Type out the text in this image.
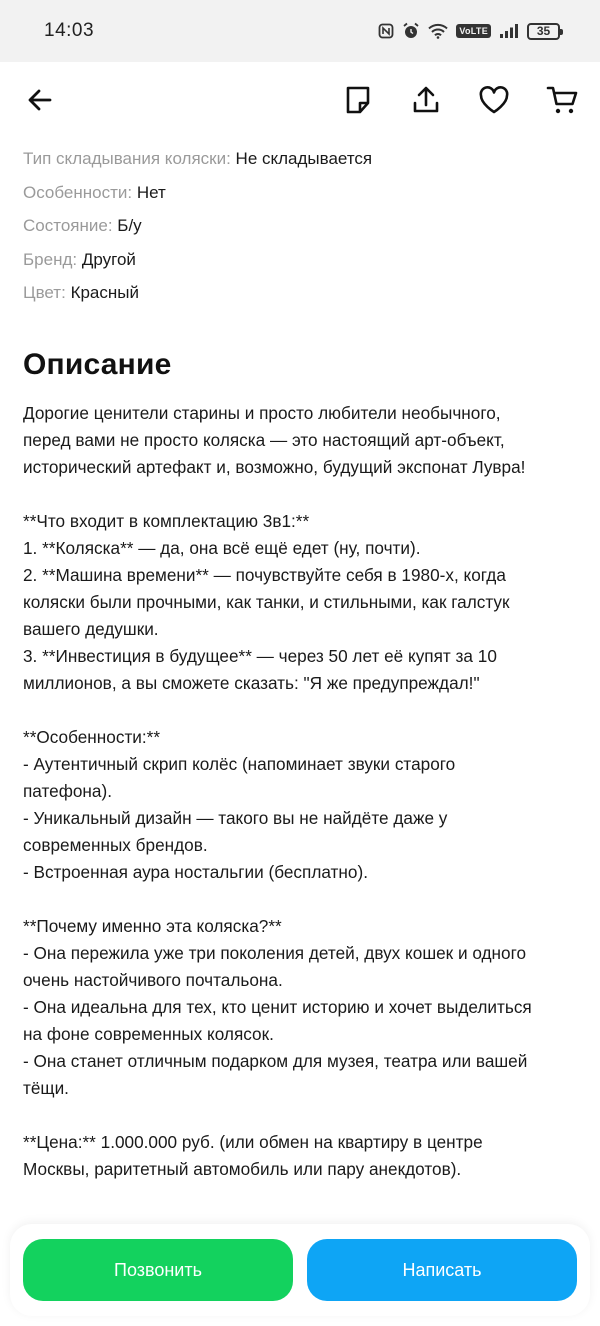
14:03	VoLTE	35
Тип складывания коляски: Не складывается
Особенности: Нет
Состояние: Б/у
Бренд: Другой
Цвет: Красный
Описание
Дорогие ценители старины и просто любители необычного,
перед вами не просто коляска — это настоящий арт-объект,
исторический артефакт и, возможно, будущий экспонат Лувра!
**Что входит в комплектацию 3в1:**
1. **Коляска** — да, она всё ещё едет (ну, почти).
2. **Машина времени** — почувствуйте себя в 1980-х, когда
коляски были прочными, как танки, и стильными, как галстук
вашего дедушки.
3. **Инвестиция в будущее** — через 50 лет её купят за 10
миллионов, а вы сможете сказать: "Я же предупреждал!"
**Особенности:**
- Аутентичный скрип колёс (напоминает звуки старого
патефона).
- Уникальный дизайн — такого вы не найдёте даже у
современных брендов.
- Встроенная аура ностальгии (бесплатно).
**Почему именно эта коляска?**
- Она пережила уже три поколения детей, двух кошек и одного
очень настойчивого почтальона.
- Она идеальна для тех, кто ценит историю и хочет выделиться
на фоне современных колясок.
- Она станет отличным подарком для музея, театра или вашей
тёщи.
**Цена:** 1.000.000 руб. (или обмен на квартиру в центре
Москвы, раритетный автомобиль или пару анекдотов).
Позвонить	Написать
